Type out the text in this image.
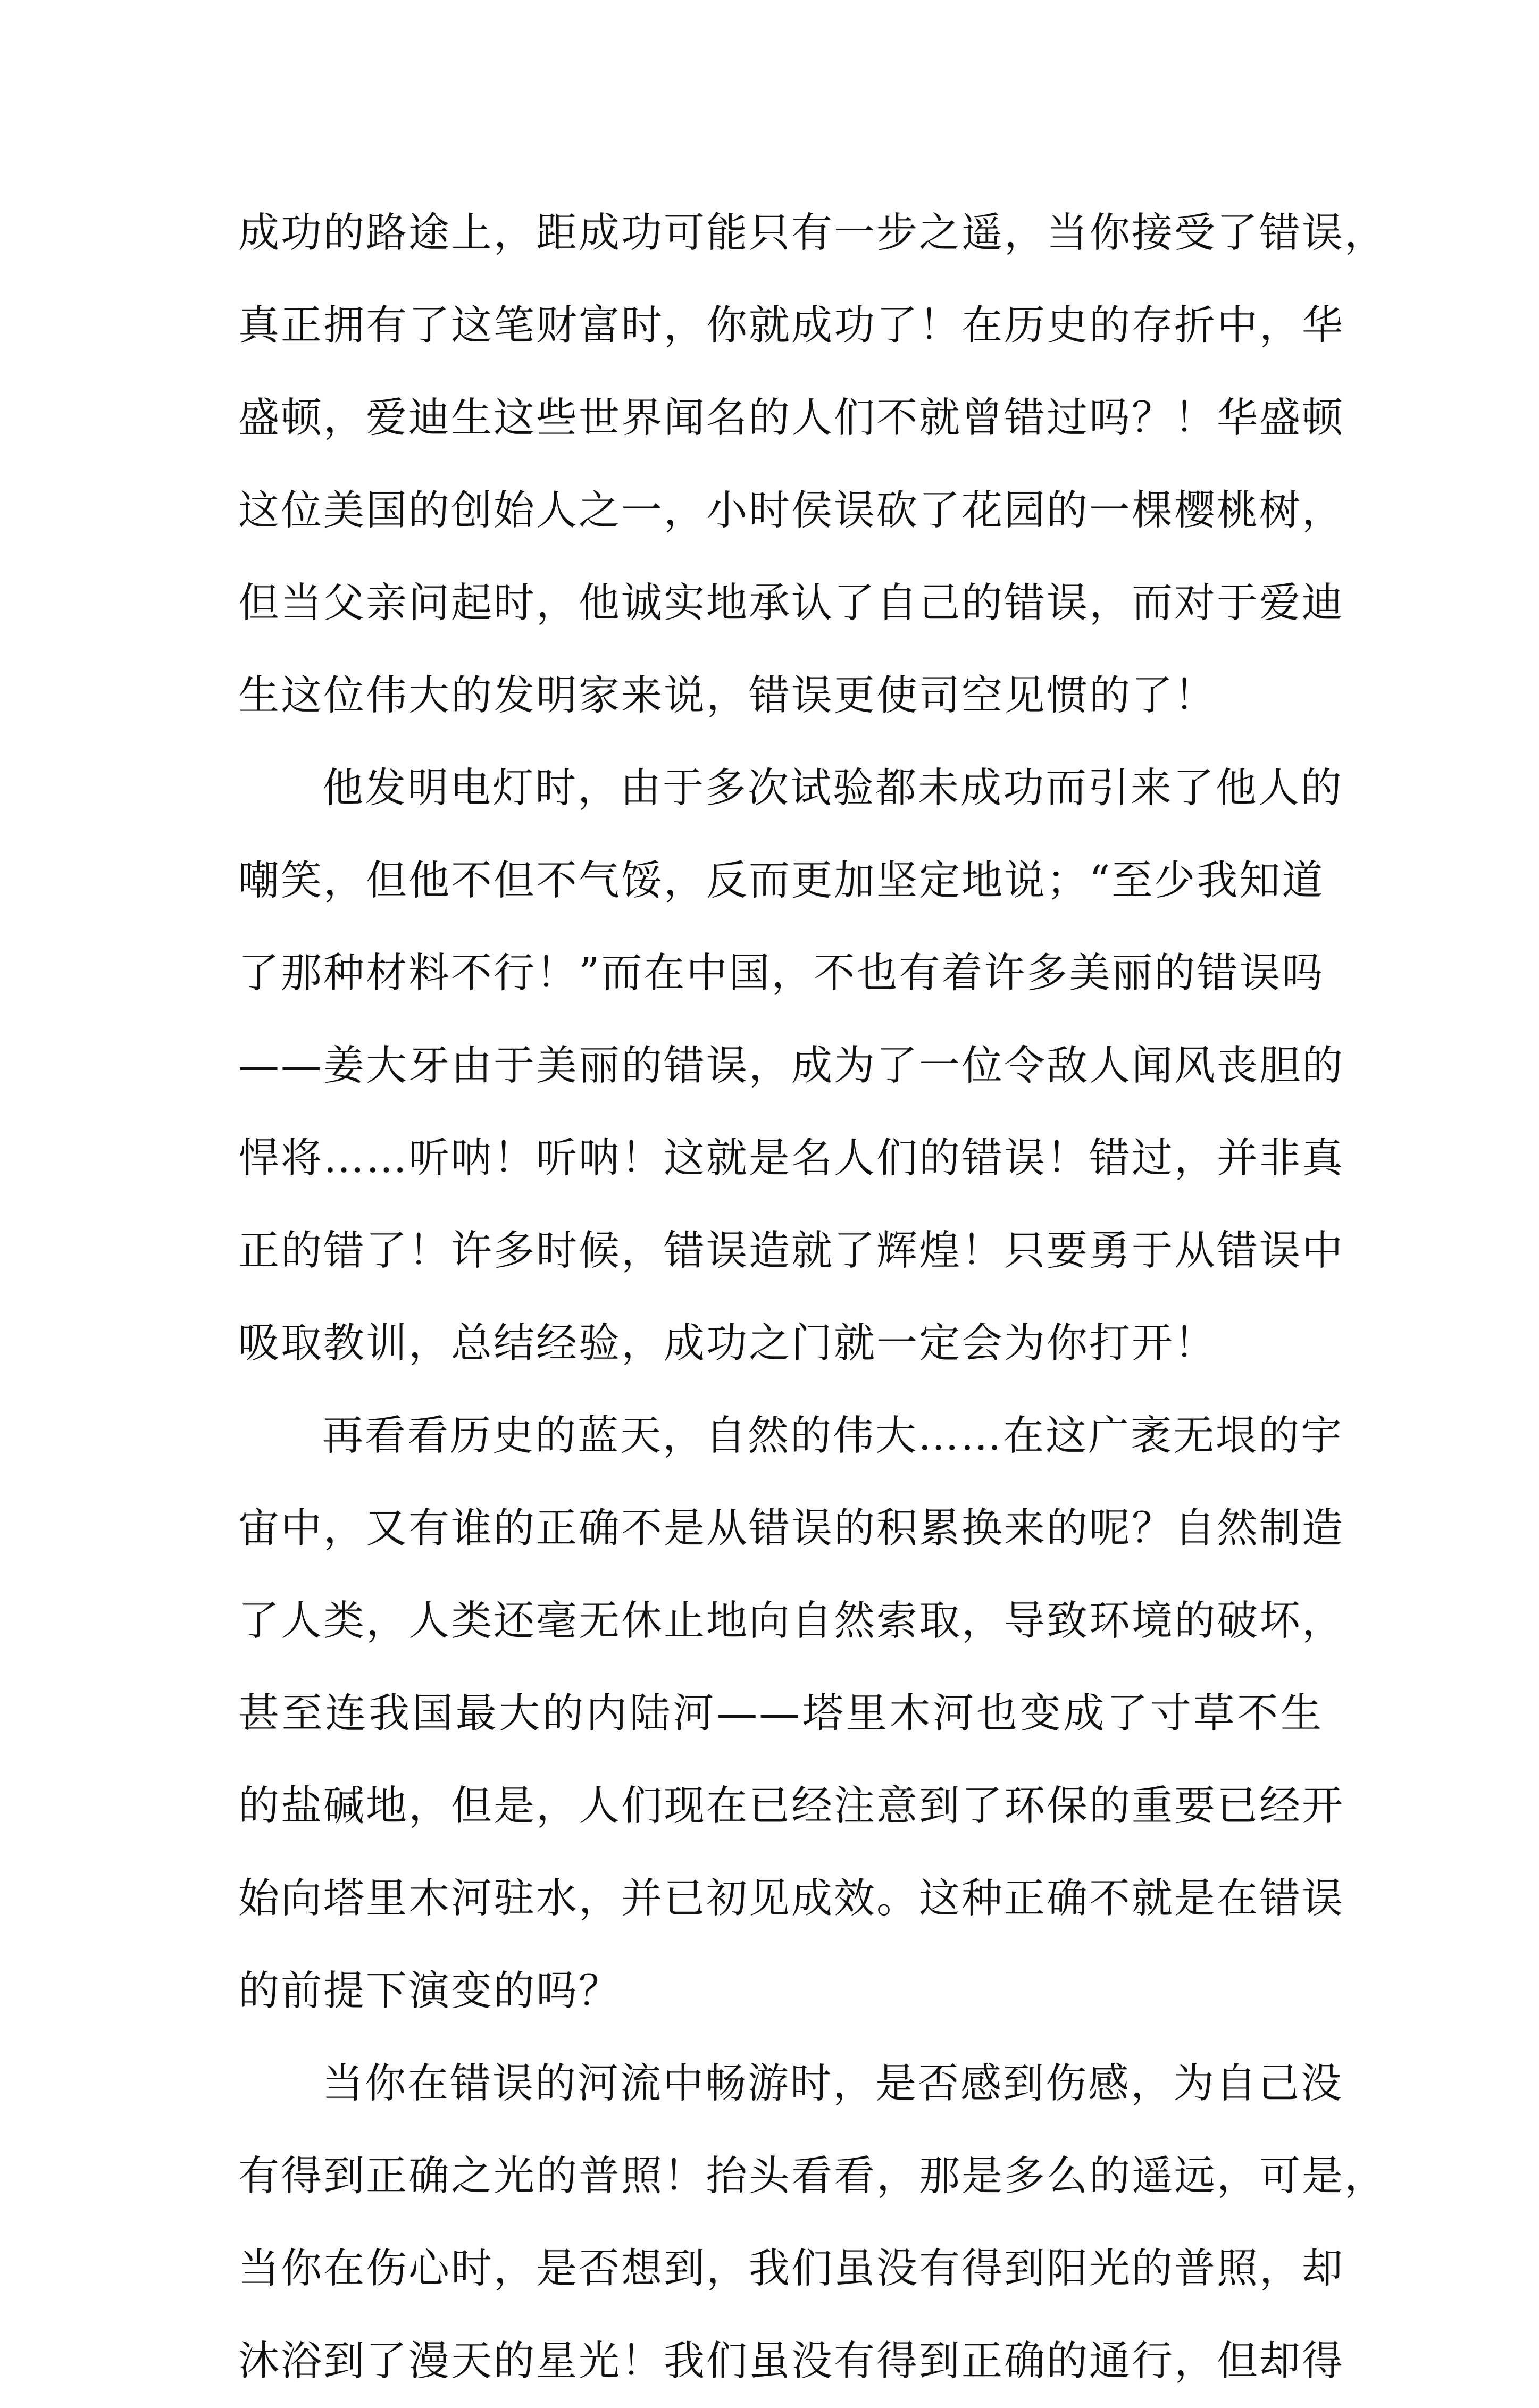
成功的路途上，距成功可能只有一步之遥，当你接受了错误，
真正拥有了这笔财富时，你就成功了！在历史的存折中，华
盛顿，爱迪生这些世界闻名的人们不就曾错过吗？！华盛顿
这位美国的创始人之一，小时侯误砍了花园的一棵樱桃树，
但当父亲问起时，他诚实地承认了自己的错误，而对于爱迪
生这位伟大的发明家来说，错误更使司空见惯的了！
他发明电灯时，由于多次试验都未成功而引来了他人的
嘲笑，但他不但不气馁，反而更加坚定地说；“至少我知道
了那种材料不行！”而在中国，不也有着许多美丽的错误吗
——姜大牙由于美丽的错误，成为了一位令敌人闻风丧胆的
悍将……听呐！听呐！这就是名人们的错误！错过，并非真
正的错了！许多时候，错误造就了辉煌！只要勇于从错误中
吸取教训，总结经验，成功之门就一定会为你打开！
再看看历史的蓝天，自然的伟大……在这广袤无垠的宇
宙中，又有谁的正确不是从错误的积累换来的呢？自然制造
了人类，人类还毫无休止地向自然索取，导致环境的破坏，
甚至连我国最大的内陆河——塔里木河也变成了寸草不生
的盐碱地，但是，人们现在已经注意到了环保的重要已经开
始向塔里木河驻水，并已初见成效。这种正确不就是在错误
的前提下演变的吗？
当你在错误的河流中畅游时，是否感到伤感，为自己没
有得到正确之光的普照！抬头看看，那是多么的遥远，可是，
当你在伤心时，是否想到，我们虽没有得到阳光的普照，却
沐浴到了漫天的星光！我们虽没有得到正确的通行，但却得
